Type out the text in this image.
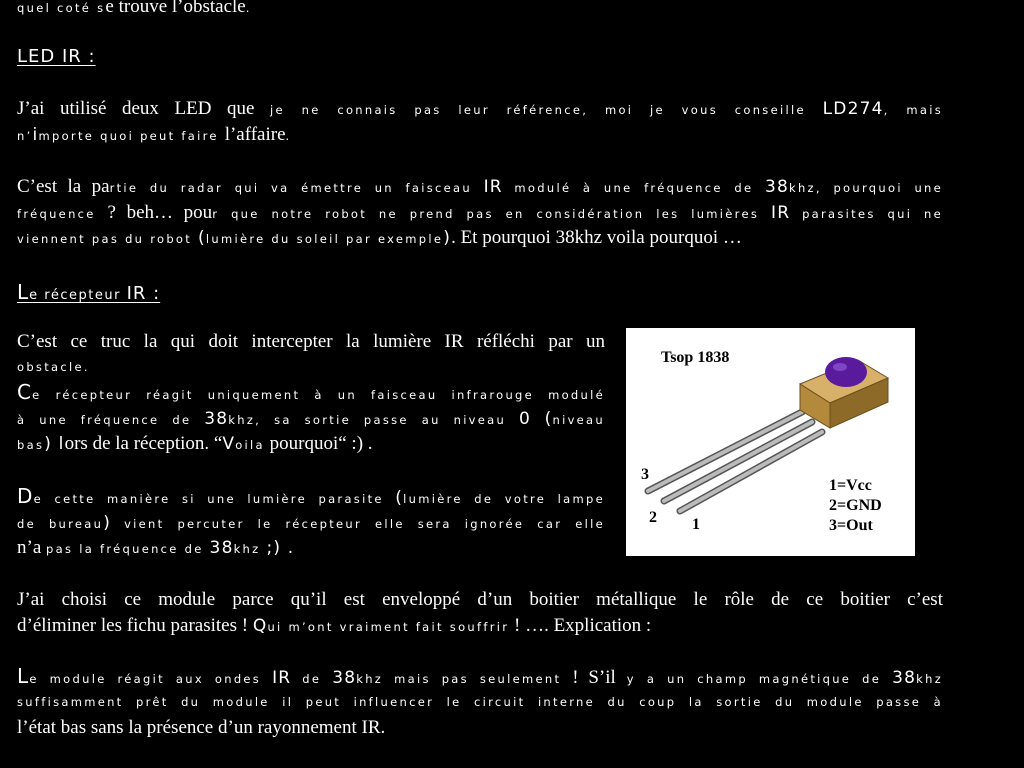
quel coté se trouve l’obstacle.
LED IR :
J’ai utilisé deux LED que je ne connais pas leur référence, moi je vous conseille LD274, mais
n’importe quoi peut faire l’affaire.
C’est la partie du radar qui va émettre un faisceau IR modulé à une fréquence de 38khz, pourquoi une
fréquence ? beh… pour que notre robot ne prend pas en considération les lumières IR parasites qui ne
viennent pas du robot (lumière du soleil par exemple). Et pourquoi 38khz voila pourquoi …
Le récepteur IR :
C’est ce truc la qui doit intercepter la lumière IR réfléchi par un
obstacle.
Ce récepteur réagit uniquement à un faisceau infrarouge modulé
à une fréquence de 38khz, sa sortie passe au niveau 0 (niveau
bas) lors de la réception. “Voila pourquoi“ :) .
De cette manière si une lumière parasite (lumière de votre lampe
de bureau) vient percuter le récepteur elle sera ignorée car elle
n’a pas la fréquence de 38khz ;) .
Tsop 1838
3
2 1
1=Vcc
2=GND
3=Out
J’ai choisi ce module parce qu’il est enveloppé d’un boitier métallique le rôle de ce boitier c’est
d’éliminer les fichu parasites ! Qui m’ont vraiment fait souffrir ! …. Explication :
Le module réagit aux ondes IR de 38khz mais pas seulement ! S’il y a un champ magnétique de 38khz
suffisamment prêt du module il peut influencer le circuit interne du coup la sortie du module passe à
l’état bas sans la présence d’un rayonnement IR.
